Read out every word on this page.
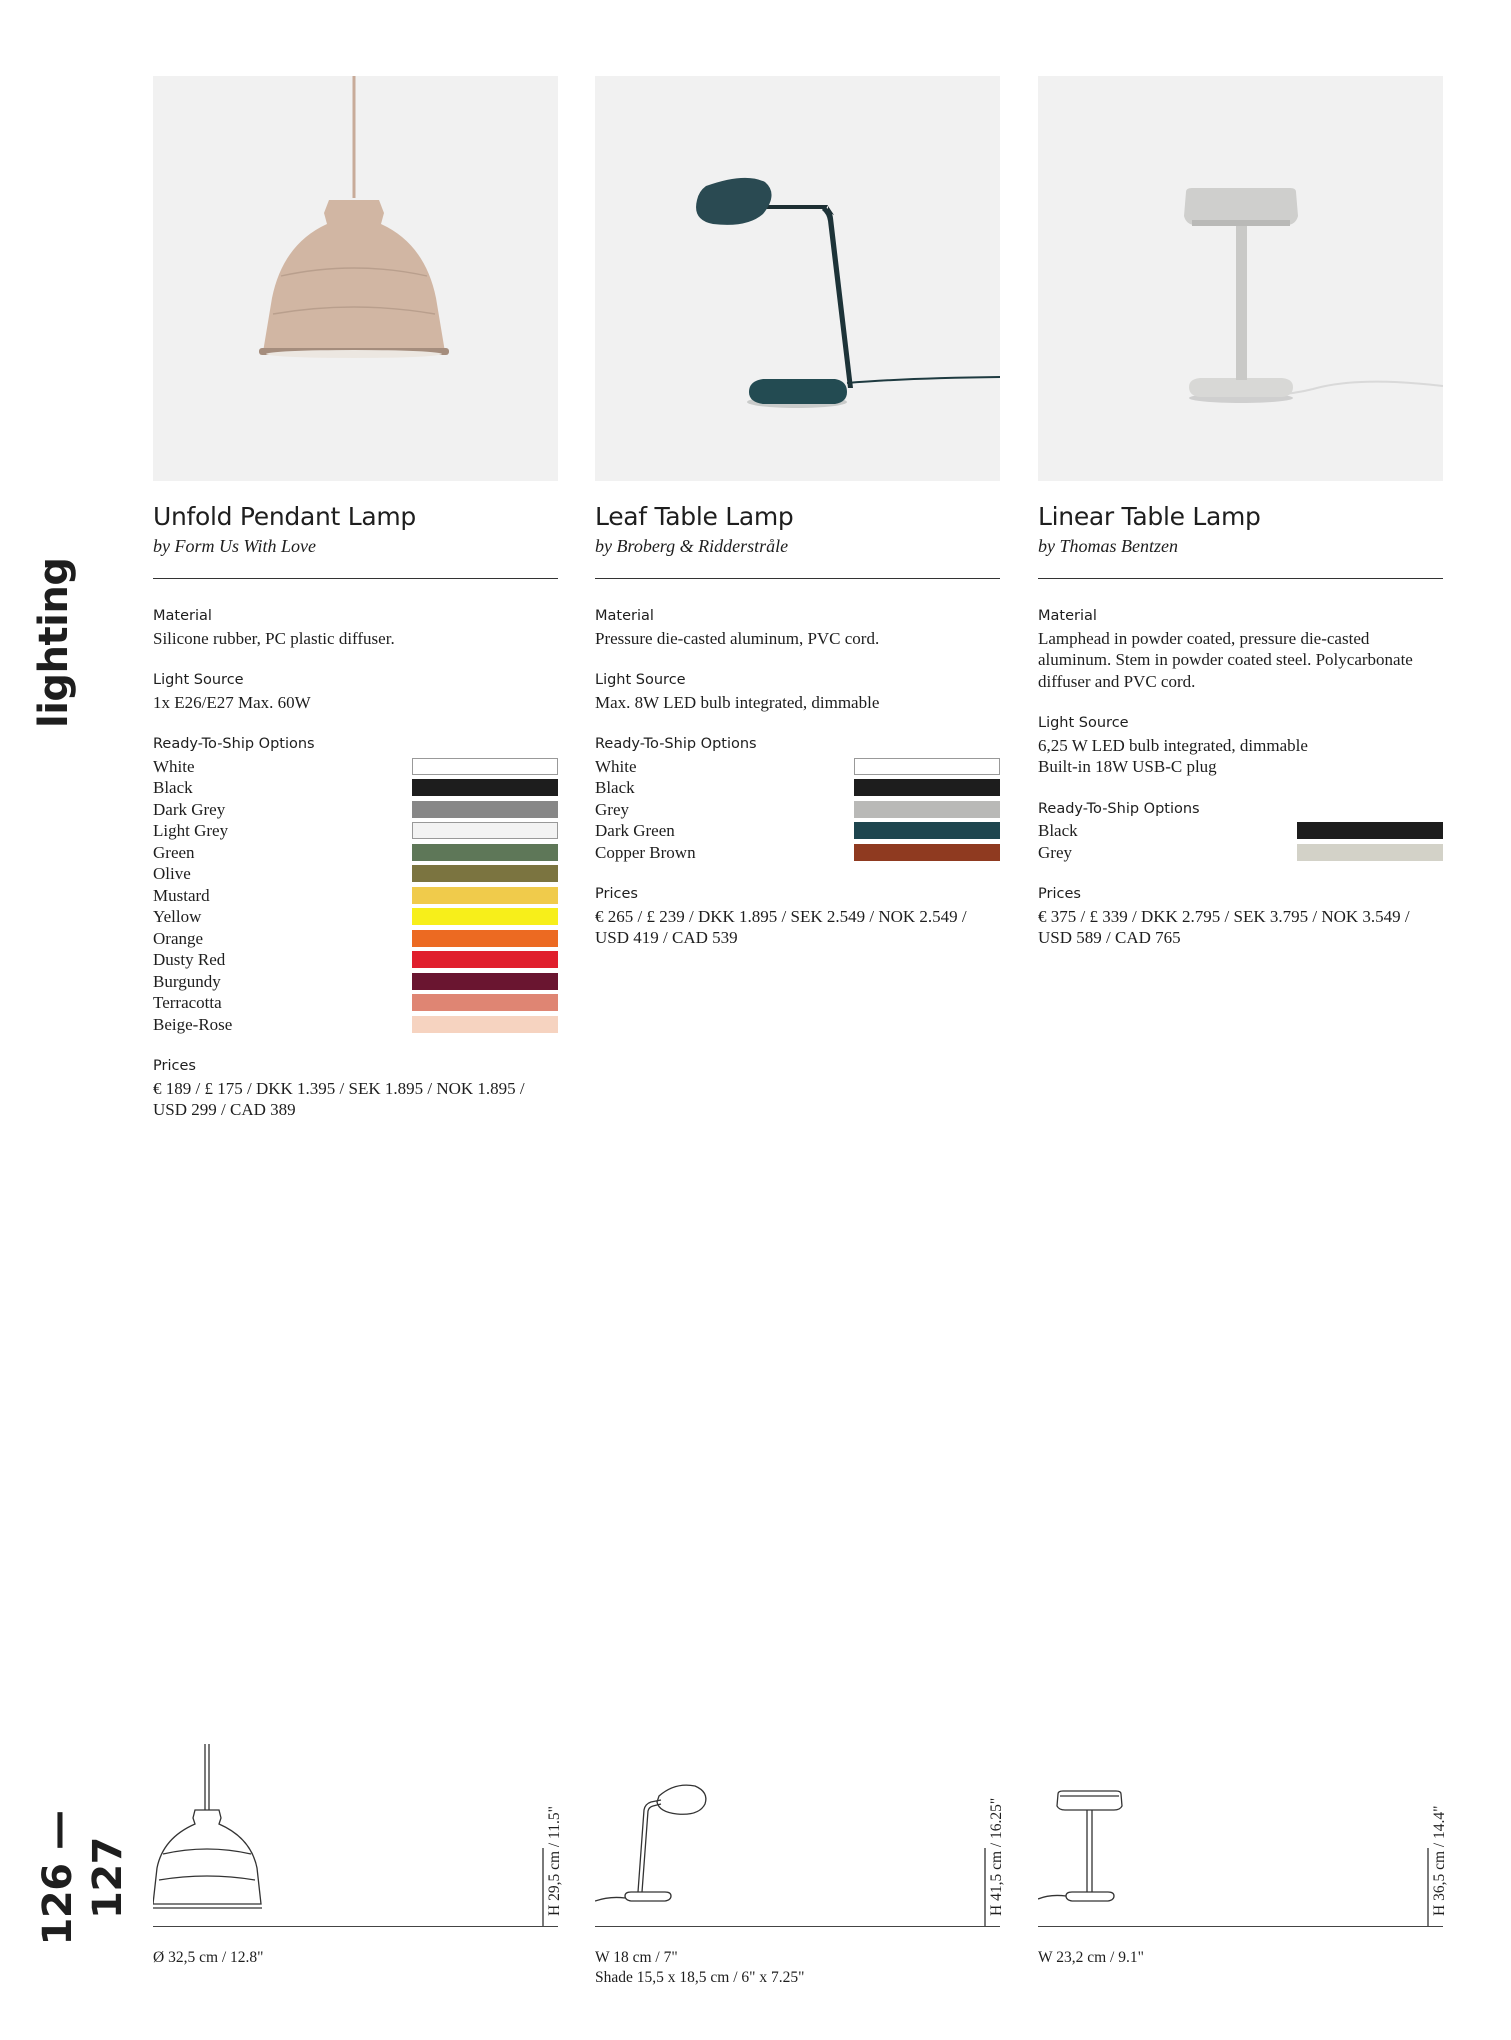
lighting
126 — 127
Unfold Pendant Lamp
by Form Us With Love
Material
Silicone rubber, PC plastic diffuser.
Light Source
1x E26/E27 Max. 60W
Ready-To-Ship Options
White
Black
Dark Grey
Light Grey
Green
Olive
Mustard
Yellow
Orange
Dusty Red
Burgundy
Terracotta
Beige-Rose
Prices
€ 189 / £ 175 / DKK 1.395 / SEK 1.895 / NOK 1.895 /
USD 299 / CAD 389
Leaf Table Lamp
by Broberg & Ridderstråle
Material
Pressure die-casted aluminum, PVC cord.
Light Source
Max. 8W LED bulb integrated, dimmable
Ready-To-Ship Options
White
Black
Grey
Dark Green
Copper Brown
Prices
€ 265 / £ 239 / DKK 1.895 / SEK 2.549 / NOK 2.549 /
USD 419 / CAD 539
Linear Table Lamp
by Thomas Bentzen
Material
Lamphead in powder coated, pressure die-casted aluminum. Stem in powder coated steel. Polycarbonate diffuser and PVC cord.
Light Source
6,25 W LED bulb integrated, dimmable
Built-in 18W USB-C plug
Ready-To-Ship Options
Black
Grey
Prices
€ 375 / £ 339 / DKK 2.795 / SEK 3.795 / NOK 3.549 /
USD 589 / CAD 765
H 29,5 cm / 11.5"	H 41,5 cm / 16.25"	H 36,5 cm / 14.4"
Ø 32,5 cm / 12.8"	W 18 cm / 7"
Shade 15,5 x 18,5 cm / 6" x 7.25"
W 23,2 cm / 9.1"
